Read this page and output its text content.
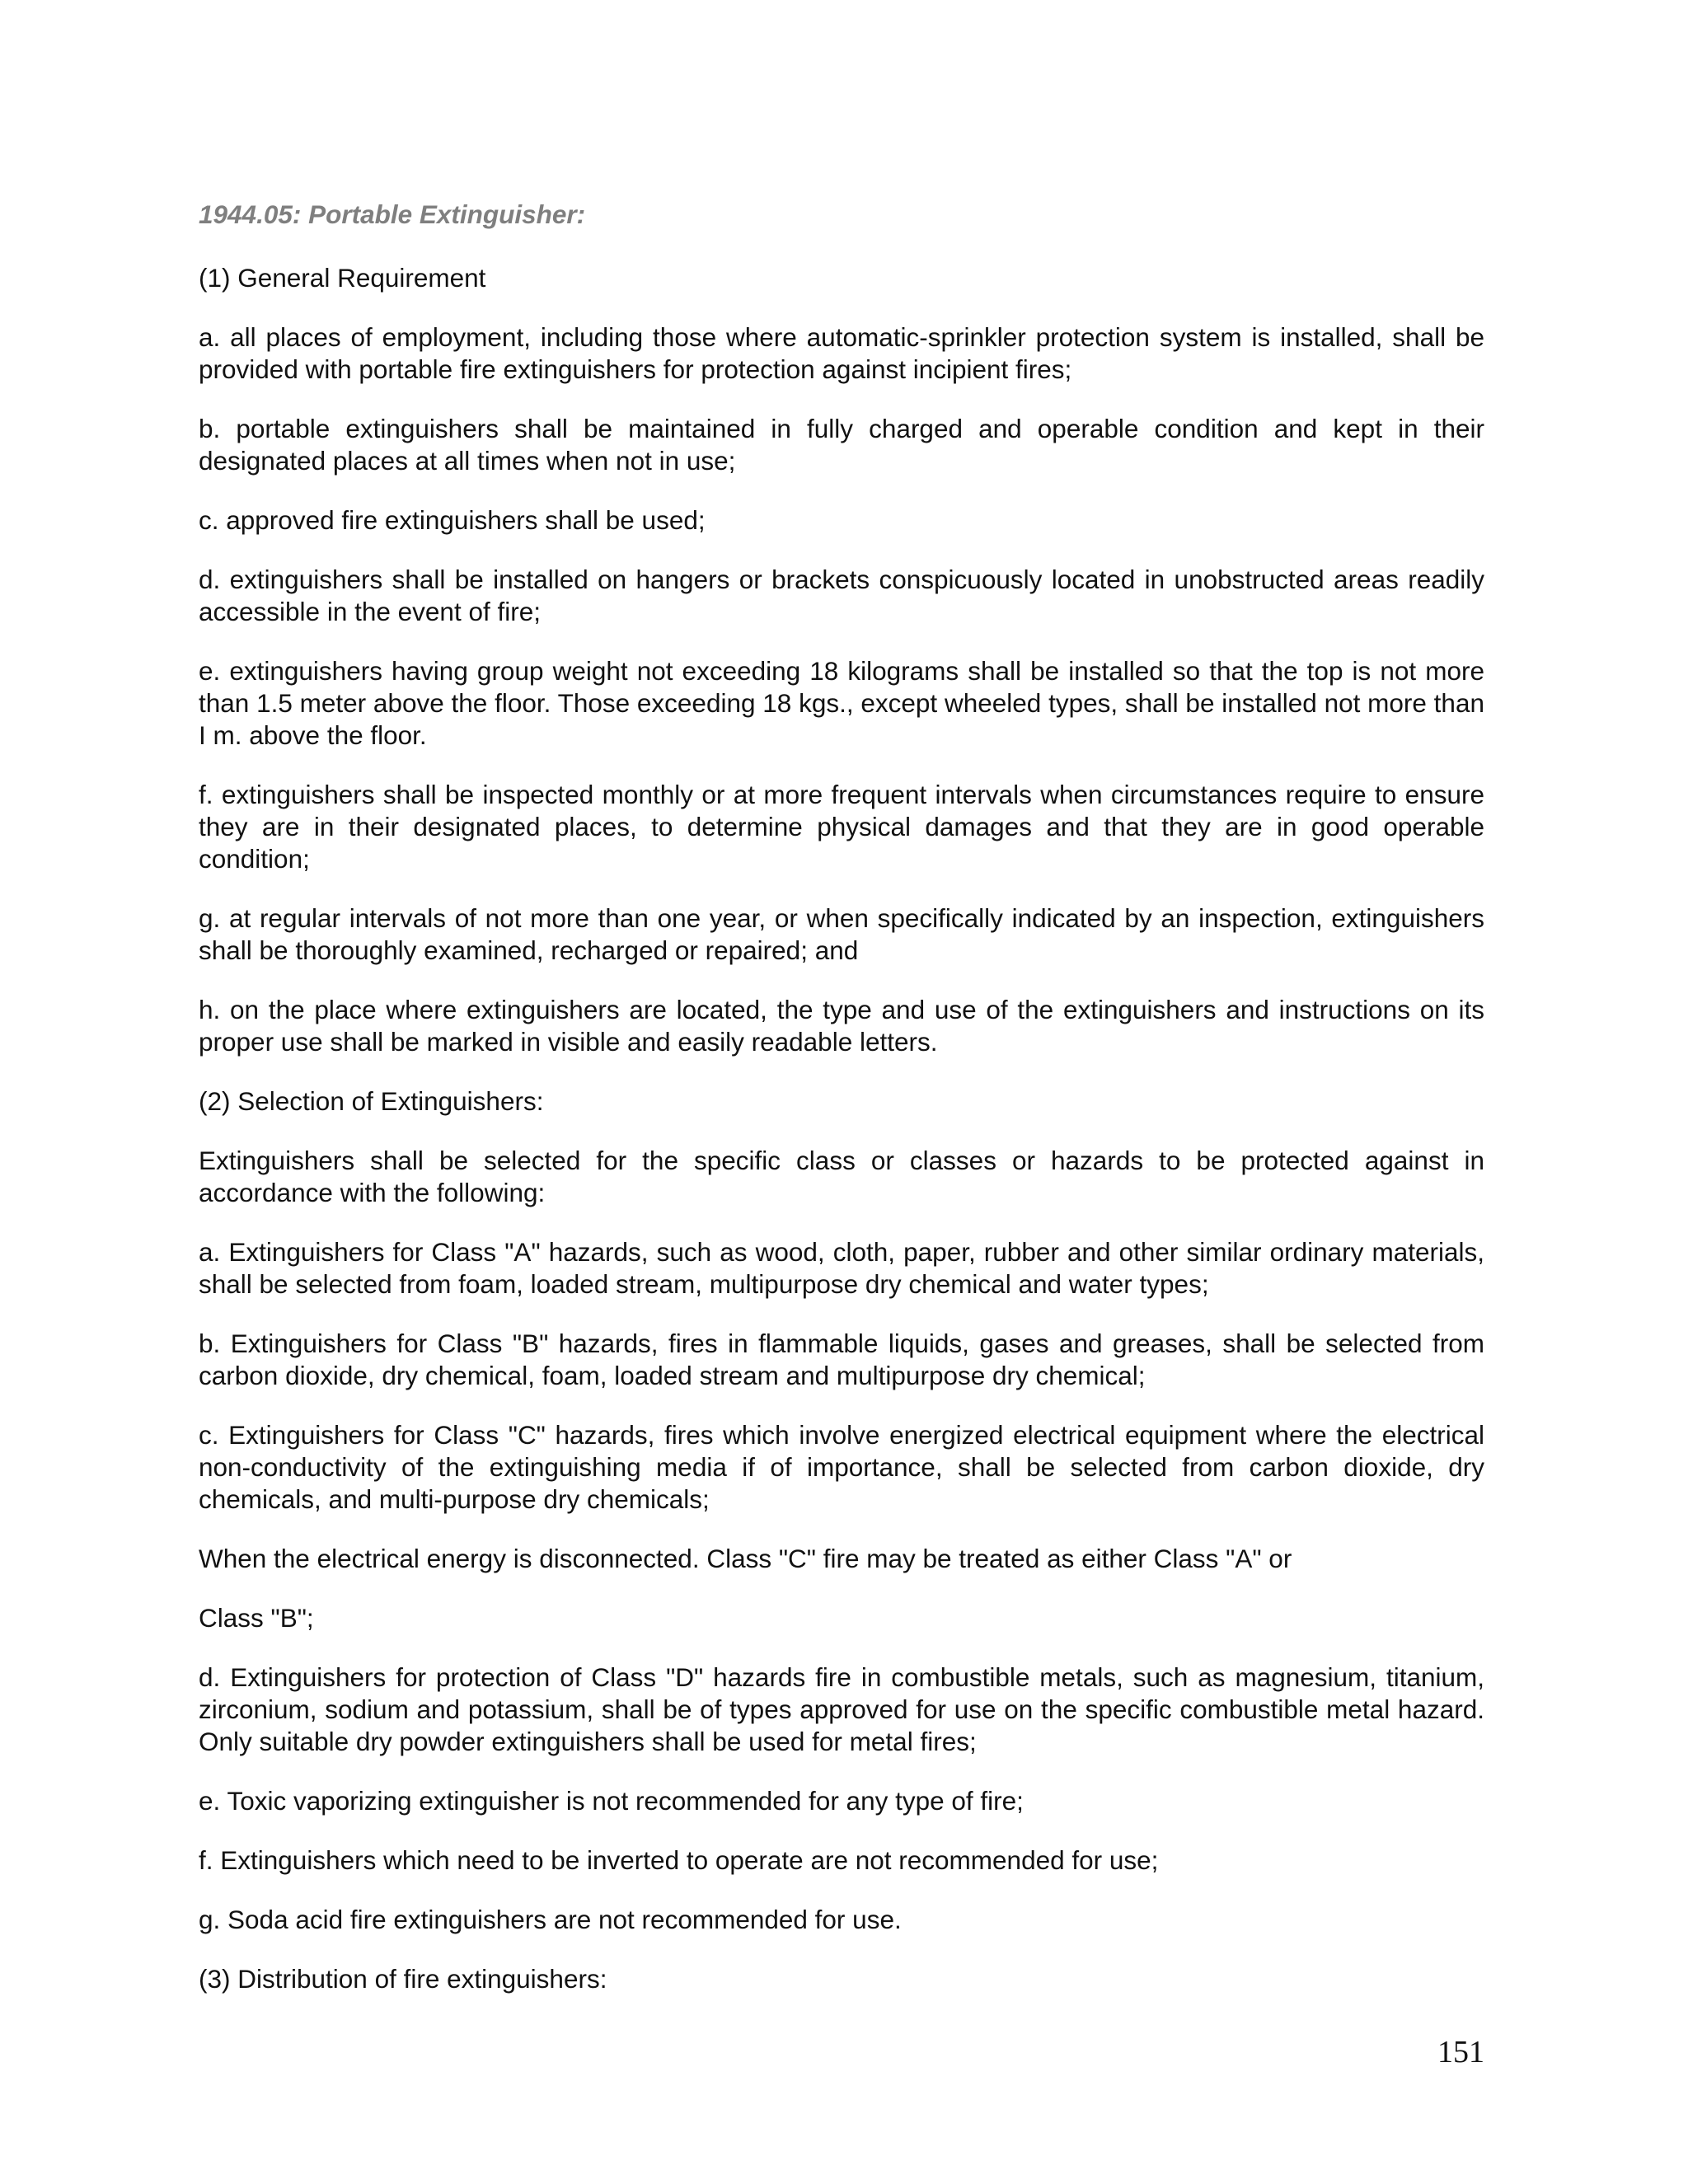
1944.05: Portable Extinguisher:

(1) General Requirement

a. all places of employment, including those where automatic-sprinkler protection system is installed, shall be provided with portable fire extinguishers for protection against incipient fires;

b. portable extinguishers shall be maintained in fully charged and operable condition and kept in their designated places at all times when not in use;

c. approved fire extinguishers shall be used;

d. extinguishers shall be installed on hangers or brackets conspicuously located in unobstructed areas readily accessible in the event of fire;

e. extinguishers having group weight not exceeding 18 kilograms shall be installed so that the top is not more than 1.5 meter above the floor. Those exceeding 18 kgs., except wheeled types, shall be installed not more than I m. above the floor.

f. extinguishers shall be inspected monthly or at more frequent intervals when circumstances require to ensure they are in their designated places, to determine physical damages and that they are in good operable condition;

g. at regular intervals of not more than one year, or when specifically indicated by an inspection, extinguishers shall be thoroughly examined, recharged or repaired; and

h. on the place where extinguishers are located, the type and use of the extinguishers and instructions on its proper use shall be marked in visible and easily readable letters.

(2) Selection of Extinguishers:

Extinguishers shall be selected for the specific class or classes or hazards to be protected against in accordance with the following:

a. Extinguishers for Class "A" hazards, such as wood, cloth, paper, rubber and other similar ordinary materials, shall be selected from foam, loaded stream, multipurpose dry chemical and water types;

b. Extinguishers for Class "B" hazards, fires in flammable liquids, gases and greases, shall be selected from carbon dioxide, dry chemical, foam, loaded stream and multipurpose dry chemical;

c. Extinguishers for Class "C" hazards, fires which involve energized electrical equipment where the electrical non-conductivity of the extinguishing media if of importance, shall be selected from carbon dioxide, dry chemicals, and multi-purpose dry chemicals;

When the electrical energy is disconnected. Class "C" fire may be treated as either Class "A" or

Class "B";

d. Extinguishers for protection of Class "D" hazards fire in combustible metals, such as magnesium, titanium, zirconium, sodium and potassium, shall be of types approved for use on the specific combustible metal hazard. Only suitable dry powder extinguishers shall be used for metal fires;

e. Toxic vaporizing extinguisher is not recommended for any type of fire;

f. Extinguishers which need to be inverted to operate are not recommended for use;

g. Soda acid fire extinguishers are not recommended for use.

(3) Distribution of fire extinguishers:

151
